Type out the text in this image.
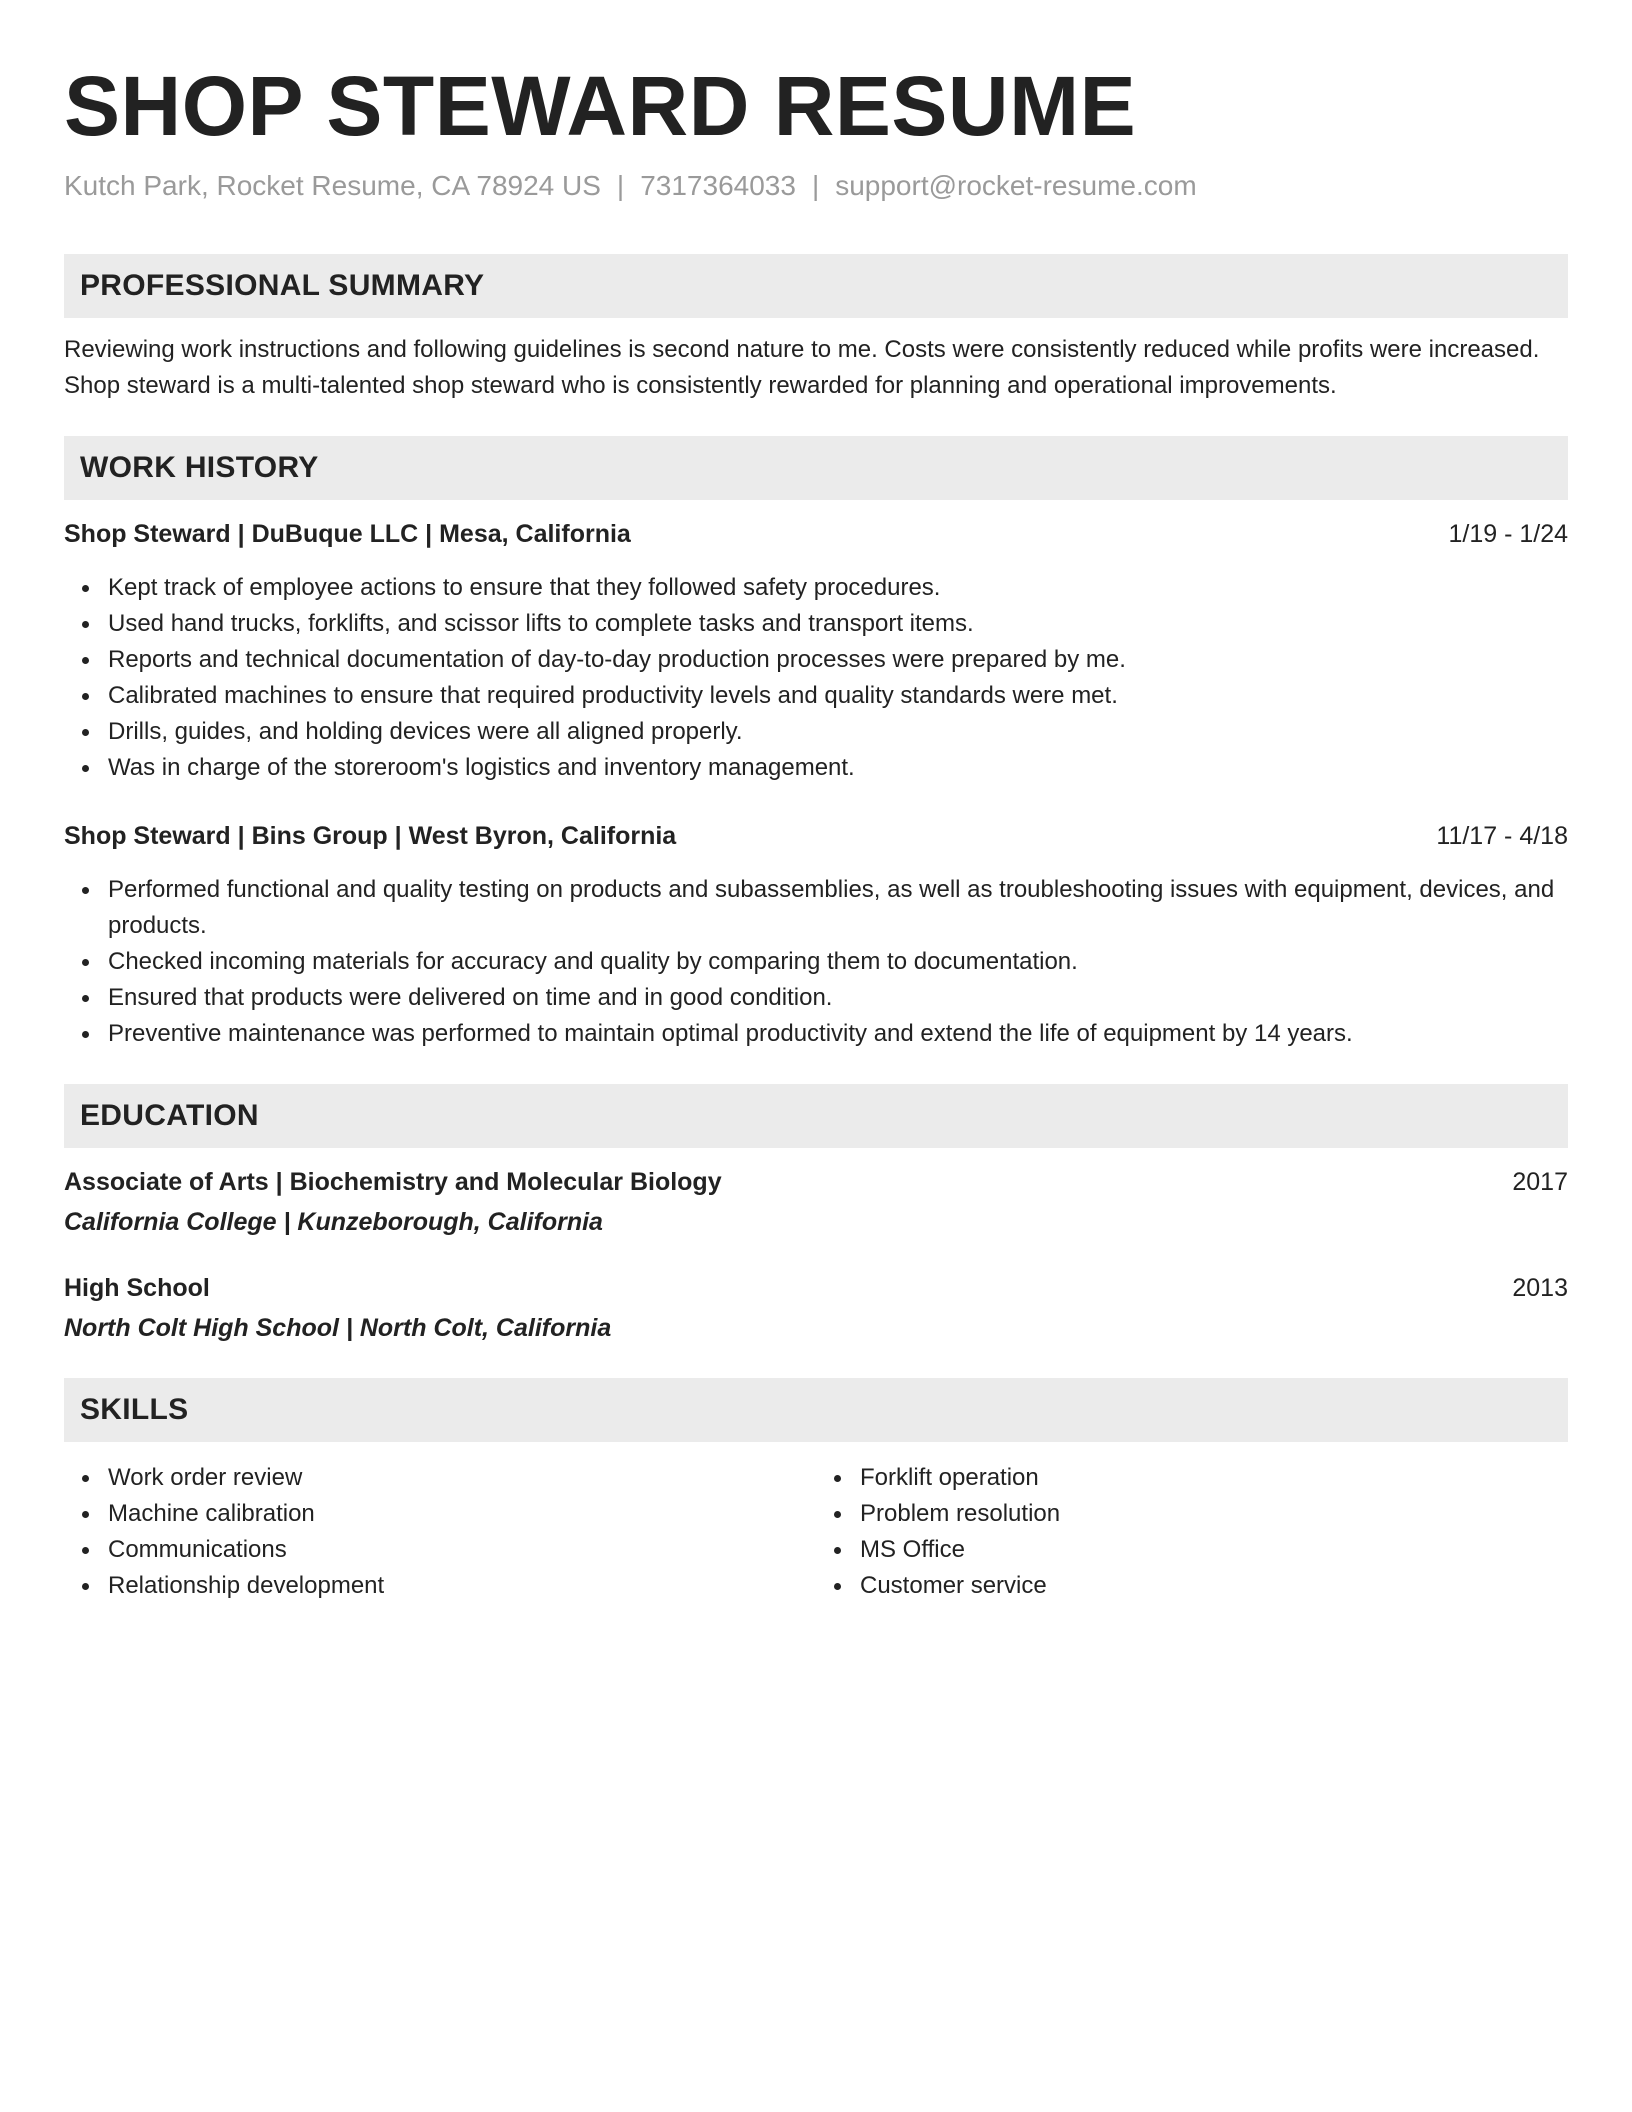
SHOP STEWARD RESUME
Kutch Park, Rocket Resume, CA 78924 US | 7317364033 | support@rocket-resume.com
PROFESSIONAL SUMMARY
Reviewing work instructions and following guidelines is second nature to me. Costs were consistently reduced while profits were increased. Shop steward is a multi-talented shop steward who is consistently rewarded for planning and operational improvements.
WORK HISTORY
Shop Steward | DuBuque LLC | Mesa, California	1/19 - 1/24
Kept track of employee actions to ensure that they followed safety procedures.
Used hand trucks, forklifts, and scissor lifts to complete tasks and transport items.
Reports and technical documentation of day-to-day production processes were prepared by me.
Calibrated machines to ensure that required productivity levels and quality standards were met.
Drills, guides, and holding devices were all aligned properly.
Was in charge of the storeroom's logistics and inventory management.
Shop Steward | Bins Group | West Byron, California	11/17 - 4/18
Performed functional and quality testing on products and subassemblies, as well as troubleshooting issues with equipment, devices, and products.
Checked incoming materials for accuracy and quality by comparing them to documentation.
Ensured that products were delivered on time and in good condition.
Preventive maintenance was performed to maintain optimal productivity and extend the life of equipment by 14 years.
EDUCATION
Associate of Arts | Biochemistry and Molecular Biology	2017
California College | Kunzeborough, California
High School	2013
North Colt High School | North Colt, California
SKILLS
Work order review
Machine calibration
Communications
Relationship development
Forklift operation
Problem resolution
MS Office
Customer service
